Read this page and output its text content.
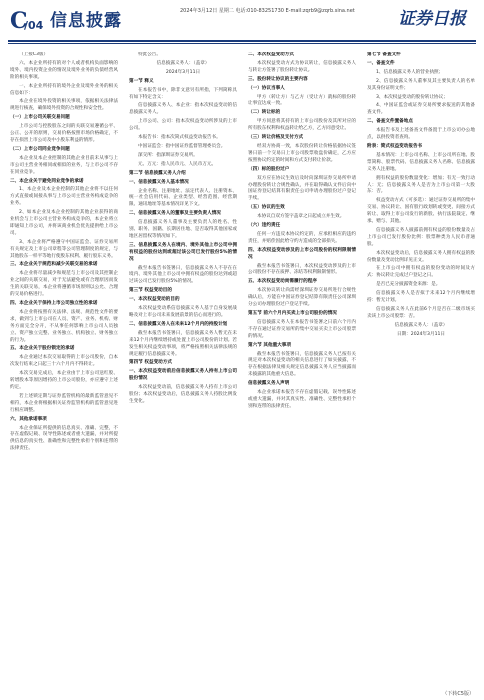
C
/04 信息披露	2024年3月12日 星期二 电话:010-83251730 E-mail:zqrb9@zqrb.sina.net	证券日报

（上接C3版）

六、本企业所持有的对个人或者机构负面影响的境外、境内投资企业的情况及境外业务的负债经营风险的相关事项。

一、本企业所持有的境外企业及境外业务的相关信息如下：

本企业在境外投资的相关事项，依据相关法律法规进行核查，确保境外投资的合规性和安全性。

（一）上市公司关联交易问题

上市公司与控股股东之间的关联交易遵循公平、公正、公开的原则，交易价格按照市场价格确定，不存在损害上市公司及中小股东利益的情形。

（二）上市公司同业竞争问题

本企业及本企业控制的其他企业目前未从事与上市公司主营业务相同或相似的业务，与上市公司不存在同业竞争。

二、本企业关于避免同业竞争的承诺

1、本企业及本企业控制的其他企业将不以任何方式直接或间接从事与上市公司主营业务构成竞争的业务。

2、如本企业及本企业控制的其他企业获得的商业机会与上市公司主营业务构成竞争的，本企业将立即通知上市公司，并将该商业机会优先提供给上市公司。

3、本企业将严格遵守中国证监会、证券交易所有关规定及上市公司章程等公司管理制度的规定，与其他股东一样平等地行使股东权利、履行股东义务。

三、本企业关于规范和减少关联交易的承诺

本企业将尽量减少和规范与上市公司及其控制企业之间的关联交易，对于无法避免或有合理原因而发生的关联交易，本企业将遵循市场原则以公允、合理的交易价格进行。

四、本企业关于保持上市公司独立性的承诺

本企业将按照有关法律、法规、规范性文件的要求，做到与上市公司在人员、资产、业务、机构、财务方面完全分开，不从事任何影响上市公司人员独立、资产独立完整、业务独立、机构独立、财务独立的行为。

五、本企业关于股份锁定的承诺

本企业通过本次交易取得的上市公司股份，自本次发行结束之日起三十六个月内不得转让。

本次交易完成后，本企业由于上市公司送红股、转增股本等原因增持的上市公司股份，亦应遵守上述约定。

若上述锁定期与证券监管机构的最新监管意见不相符，本企业将根据相关证券监管机构的监管意见进行相应调整。

六、其他承诺事项

本企业保证所提供的信息真实、准确、完整，不存在虚假记载、误导性陈述或者重大遗漏，并对所提供信息的真实性、准确性和完整性承担个别和连带的法律责任。

特此公告。

信息披露义务人：（盖章）

2024年3月11日

第一节 释义

在本报告书中，除非文意另有所指，下列简称具有如下特定含义：

信息披露义务人、本企业：指本次权益变动的信息披露义务人。

上市公司、公司：指本次权益变动所涉及的上市公司。

本报告书：指本次简式权益变动报告书。

中国证监会：指中国证券监督管理委员会。

深交所：指深圳证券交易所。

元、万元：指人民币元、人民币万元。

第二节 信息披露义务人介绍

一、信息披露义务人基本情况

企业名称、注册地址、法定代表人、注册资本、统一社会信用代码、企业类型、经营范围、经营期限、通讯地址等基本情况详见下文。

二、信息披露义务人的董事及主要负责人情况

信息披露义务人董事及主要负责人的姓名、性别、职务、国籍、长期居住地、是否取得其他国家或地区居留权等情况如下。

三、信息披露义务人在境内、境外其他上市公司中拥有权益的股份达到或超过该公司已发行股份5%的情况

截至本报告书签署日，信息披露义务人不存在在境内、境外其他上市公司中拥有权益的股份达到或超过该公司已发行股份5%的情况。

第三节 权益变动目的

一、本次权益变动的目的

本次权益变动系信息披露义务人基于自身发展战略及对上市公司未来发展前景的信心而进行的。

二、信息披露义务人在未来12个月内的持股计划

截至本报告书签署日，信息披露义务人暂无在未来12个月内继续增持或处置上市公司股份的计划。若发生相关权益变动事项，将严格按照相关法律法规的规定履行信息披露义务。

第四节 权益变动方式

一、本次权益变动前后信息披露义务人持有上市公司股份情况

本次权益变动前，信息披露义务人持有上市公司股份；本次权益变动后，信息披露义务人持股比例发生变化。

二、本次权益变动方式

本次权益变动方式为协议转让，信息披露义务人与转让方签署了股份转让协议。

三、股份转让协议的主要内容

（一）协议当事人

甲方（转让方）与乙方（受让方）就标的股份转让事宜达成一致。

（二）转让标的

甲方同意将其持有的上市公司股份及其所对应的所有股东权利和权益转让给乙方，乙方同意受让。

（三）转让价格及支付方式

经双方协商一致，本次股份转让价格依据协议签署日前一个交易日上市公司股票收盘价确定，乙方应按照协议约定的时间和方式支付转让价款。

（四）标的股份过户

双方应在协议生效后及时向深圳证券交易所申请办理股份转让合规性确认，并在取得确认文件后向中国证券登记结算有限责任公司申请办理股份过户登记手续。

（五）协议的生效

本协议自双方签字盖章之日起成立并生效。

（六）违约责任

任何一方违反本协议约定的，应承担相应的违约责任，并赔偿因此给守约方造成的全部损失。

四、本次权益变动涉及的上市公司股份的权利限制情况

截至本报告书签署日，本次权益变动涉及的上市公司股份不存在质押、冻结等权利限制情形。

五、本次权益变动尚需履行的程序

本次协议转让尚需经深圳证券交易所进行合规性确认后，方能在中国证券登记结算有限责任公司深圳分公司办理股份过户登记手续。

第五节 前六个月内买卖上市公司股份的情况

信息披露义务人在本报告书签署之日前六个月内不存在通过证券交易所的集中交易买卖上市公司股票的情况。

第六节 其他重大事项

截至本报告书签署日，信息披露义务人已按有关规定对本次权益变动的相关信息进行了如实披露，不存在根据法律及相关规定信息披露义务人应当披露而未披露的其他重大信息。

信息披露义务人声明

本企业承诺本报告不存在虚假记载、误导性陈述或重大遗漏，并对其真实性、准确性、完整性承担个别和连带的法律责任。

第七节 备查文件

一、备查文件

1、信息披露义务人的营业执照；

2、信息披露义务人董事及其主要负责人的名单及其身份证明文件；

3、本次权益变动的股份转让协议；

4、中国证监会或证券交易所要求报送的其他备查文件。

二、备查文件置备地点

本报告书及上述备查文件备置于上市公司办公地点，以供投资者查询。

附表：简式权益变动报告书

基本情况：上市公司名称、上市公司所在地、股票简称、股票代码、信息披露义务人名称、信息披露义务人注册地。

拥有权益的股份数量变化：增加；有无一致行动人：无；信息披露义务人是否为上市公司第一大股东：否。

权益变动方式（可多选）：通过证券交易所的集中交易、协议转让、国有股行政划转或变更、间接方式转让、取得上市公司发行的新股、执行法院裁定、继承、赠与、其他。

信息披露义务人披露前拥有权益的股份数量及占上市公司已发行股份比例：股票种类为人民币普通股。

本次权益变动后，信息披露义务人拥有权益的股份数量及变动比例详见正文。

在上市公司中拥有权益的股份变动的时间及方式：协议转让完成过户登记之日。

是否已充分披露资金来源：是。

信息披露义务人是否拟于未来12个月内继续增持：暂无计划。

信息披露义务人在此前6个月是否在二级市场买卖该上市公司股票：否。

信息披露义务人：（盖章）

日期：2024年3月11日

（下转C5版）
